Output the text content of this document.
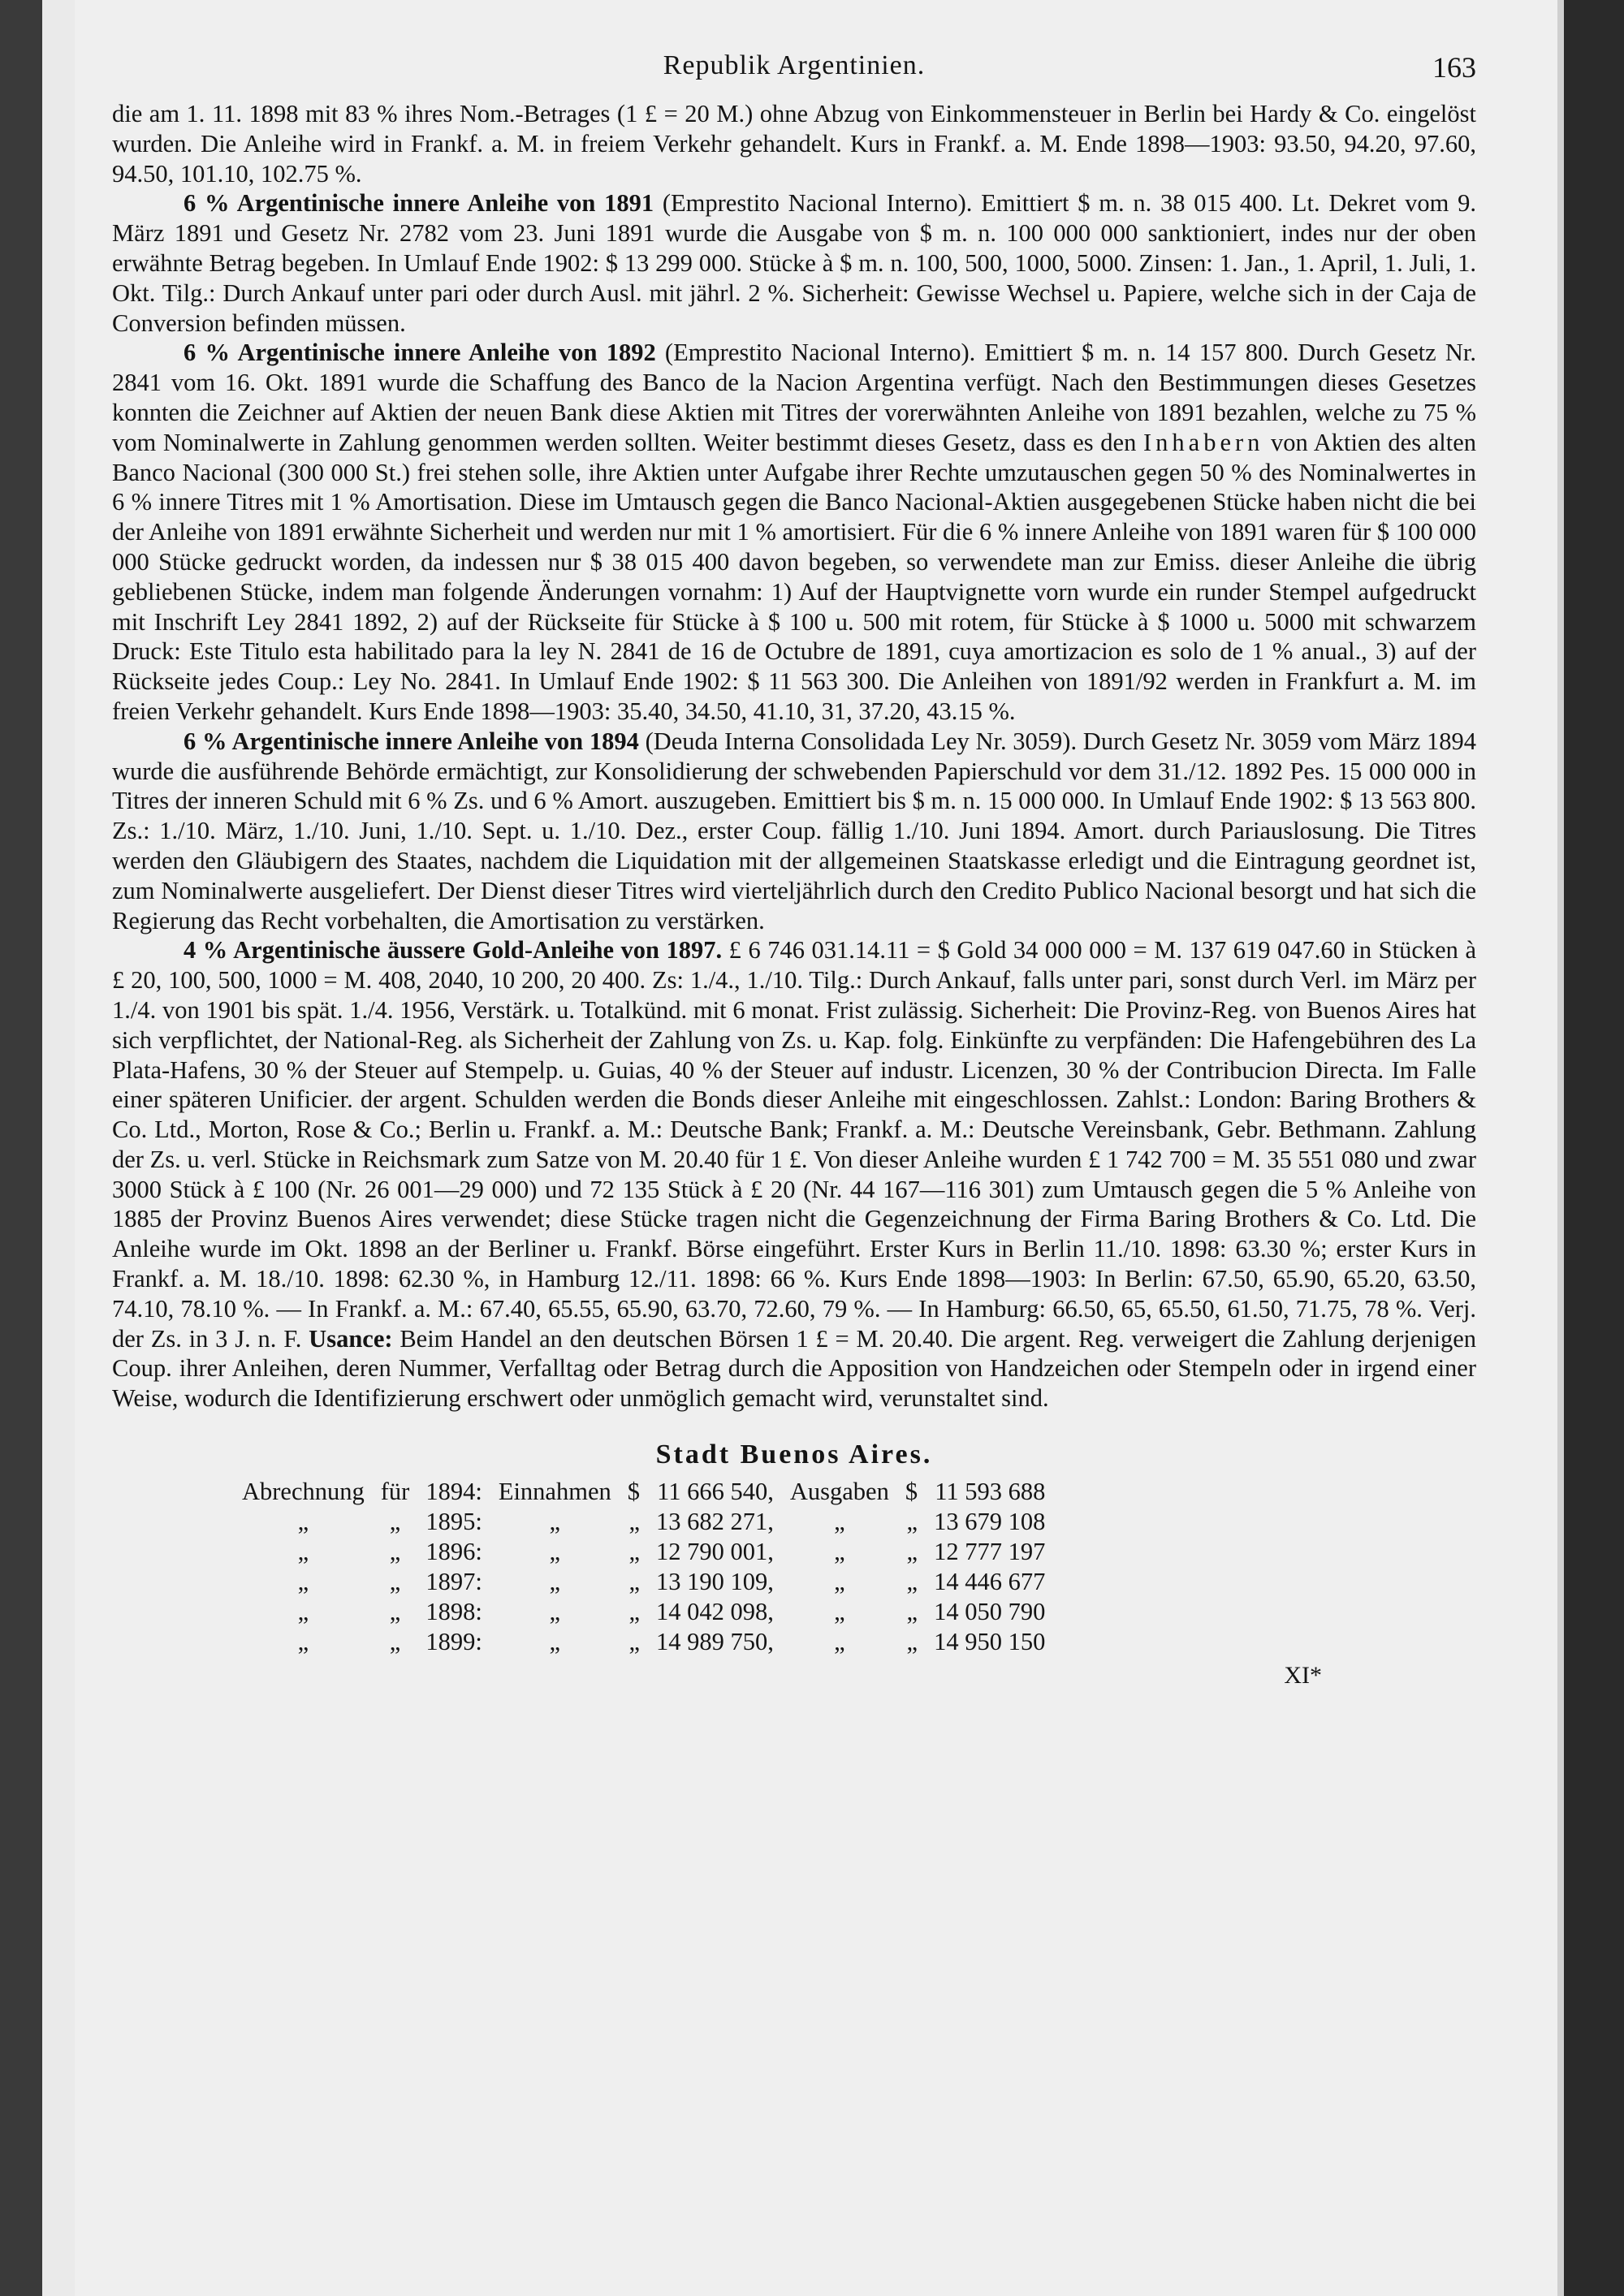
Republik Argentinien.	163

die am 1. 11. 1898 mit 83 % ihres Nom.-Betrages (1 £ = 20 M.) ohne Abzug von Einkommensteuer in Berlin bei Hardy & Co. eingelöst wurden. Die Anleihe wird in Frankf. a. M. in freiem Verkehr gehandelt. Kurs in Frankf. a. M. Ende 1898—1903: 93.50, 94.20, 97.60, 94.50, 101.10, 102.75 %.

6 % Argentinische innere Anleihe von 1891 (Emprestito Nacional Interno). Emittiert $ m. n. 38 015 400. Lt. Dekret vom 9. März 1891 und Gesetz Nr. 2782 vom 23. Juni 1891 wurde die Ausgabe von $ m. n. 100 000 000 sanktioniert, indes nur der oben erwähnte Betrag begeben. In Umlauf Ende 1902: $ 13 299 000. Stücke à $ m. n. 100, 500, 1000, 5000. Zinsen: 1. Jan., 1. April, 1. Juli, 1. Okt. Tilg.: Durch Ankauf unter pari oder durch Ausl. mit jährl. 2 %. Sicherheit: Gewisse Wechsel u. Papiere, welche sich in der Caja de Conversion befinden müssen.

6 % Argentinische innere Anleihe von 1892 (Emprestito Nacional Interno). Emittiert $ m. n. 14 157 800. Durch Gesetz Nr. 2841 vom 16. Okt. 1891 wurde die Schaffung des Banco de la Nacion Argentina verfügt. Nach den Bestimmungen dieses Gesetzes konnten die Zeichner auf Aktien der neuen Bank diese Aktien mit Titres der vorerwähnten Anleihe von 1891 bezahlen, welche zu 75 % vom Nominalwerte in Zahlung genommen werden sollten. Weiter bestimmt dieses Gesetz, dass es den Inhabern von Aktien des alten Banco Nacional (300 000 St.) frei stehen solle, ihre Aktien unter Aufgabe ihrer Rechte umzutauschen gegen 50 % des Nominalwertes in 6 % innere Titres mit 1 % Amortisation. Diese im Umtausch gegen die Banco Nacional-Aktien ausgegebenen Stücke haben nicht die bei der Anleihe von 1891 erwähnte Sicherheit und werden nur mit 1 % amortisiert. Für die 6 % innere Anleihe von 1891 waren für $ 100 000 000 Stücke gedruckt worden, da indessen nur $ 38 015 400 davon begeben, so verwendete man zur Emiss. dieser Anleihe die übrig gebliebenen Stücke, indem man folgende Änderungen vornahm: 1) Auf der Hauptvignette vorn wurde ein runder Stempel aufgedruckt mit Inschrift Ley 2841 1892, 2) auf der Rückseite für Stücke à $ 100 u. 500 mit rotem, für Stücke à $ 1000 u. 5000 mit schwarzem Druck: Este Titulo esta habilitado para la ley N. 2841 de 16 de Octubre de 1891, cuya amortizacion es solo de 1 % anual., 3) auf der Rückseite jedes Coup.: Ley No. 2841. In Umlauf Ende 1902: $ 11 563 300. Die Anleihen von 1891/92 werden in Frankfurt a. M. im freien Verkehr gehandelt. Kurs Ende 1898—1903: 35.40, 34.50, 41.10, 31, 37.20, 43.15 %.

6 % Argentinische innere Anleihe von 1894 (Deuda Interna Consolidada Ley Nr. 3059). Durch Gesetz Nr. 3059 vom März 1894 wurde die ausführende Behörde ermächtigt, zur Konsolidierung der schwebenden Papierschuld vor dem 31./12. 1892 Pes. 15 000 000 in Titres der inneren Schuld mit 6 % Zs. und 6 % Amort. auszugeben. Emittiert bis $ m. n. 15 000 000. In Umlauf Ende 1902: $ 13 563 800. Zs.: 1./10. März, 1./10. Juni, 1./10. Sept. u. 1./10. Dez., erster Coup. fällig 1./10. Juni 1894. Amort. durch Pariauslosung. Die Titres werden den Gläubigern des Staates, nachdem die Liquidation mit der allgemeinen Staatskasse erledigt und die Eintragung geordnet ist, zum Nominalwerte ausgeliefert. Der Dienst dieser Titres wird vierteljährlich durch den Credito Publico Nacional besorgt und hat sich die Regierung das Recht vorbehalten, die Amortisation zu verstärken.

4 % Argentinische äussere Gold-Anleihe von 1897. £ 6 746 031.14.11 = $ Gold 34 000 000 = M. 137 619 047.60 in Stücken à £ 20, 100, 500, 1000 = M. 408, 2040, 10 200, 20 400. Zs: 1./4., 1./10. Tilg.: Durch Ankauf, falls unter pari, sonst durch Verl. im März per 1./4. von 1901 bis spät. 1./4. 1956, Verstärk. u. Totalkünd. mit 6 monat. Frist zulässig. Sicherheit: Die Provinz-Reg. von Buenos Aires hat sich verpflichtet, der National-Reg. als Sicherheit der Zahlung von Zs. u. Kap. folg. Einkünfte zu verpfänden: Die Hafengebühren des La Plata-Hafens, 30 % der Steuer auf Stempelp. u. Guias, 40 % der Steuer auf industr. Licenzen, 30 % der Contribucion Directa. Im Falle einer späteren Unificier. der argent. Schulden werden die Bonds dieser Anleihe mit eingeschlossen. Zahlst.: London: Baring Brothers & Co. Ltd., Morton, Rose & Co.; Berlin u. Frankf. a. M.: Deutsche Bank; Frankf. a. M.: Deutsche Vereinsbank, Gebr. Bethmann. Zahlung der Zs. u. verl. Stücke in Reichsmark zum Satze von M. 20.40 für 1 £. Von dieser Anleihe wurden £ 1 742 700 = M. 35 551 080 und zwar 3000 Stück à £ 100 (Nr. 26 001—29 000) und 72 135 Stück à £ 20 (Nr. 44 167—116 301) zum Umtausch gegen die 5 % Anleihe von 1885 der Provinz Buenos Aires verwendet; diese Stücke tragen nicht die Gegenzeichnung der Firma Baring Brothers & Co. Ltd. Die Anleihe wurde im Okt. 1898 an der Berliner u. Frankf. Börse eingeführt. Erster Kurs in Berlin 11./10. 1898: 63.30 %; erster Kurs in Frankf. a. M. 18./10. 1898: 62.30 %, in Hamburg 12./11. 1898: 66 %. Kurs Ende 1898—1903: In Berlin: 67.50, 65.90, 65.20, 63.50, 74.10, 78.10 %. — In Frankf. a. M.: 67.40, 65.55, 65.90, 63.70, 72.60, 79 %. — In Hamburg: 66.50, 65, 65.50, 61.50, 71.75, 78 %. Verj. der Zs. in 3 J. n. F. Usance: Beim Handel an den deutschen Börsen 1 £ = M. 20.40. Die argent. Reg. verweigert die Zahlung derjenigen Coup. ihrer Anleihen, deren Nummer, Verfalltag oder Betrag durch die Apposition von Handzeichen oder Stempeln oder in irgend einer Weise, wodurch die Identifizierung erschwert oder unmöglich gemacht wird, verunstaltet sind.

Stadt Buenos Aires.
Abrechnung	für	1894:	Einnahmen	$	11 666 540,	Ausgaben	$	11 593 688
„	„	1895:	„	„	13 682 271,	„	„	13 679 108
„	„	1896:	„	„	12 790 001,	„	„	12 777 197
„	„	1897:	„	„	13 190 109,	„	„	14 446 677
„	„	1898:	„	„	14 042 098,	„	„	14 050 790
„	„	1899:	„	„	14 989 750,	„	„	14 950 150
XI*
